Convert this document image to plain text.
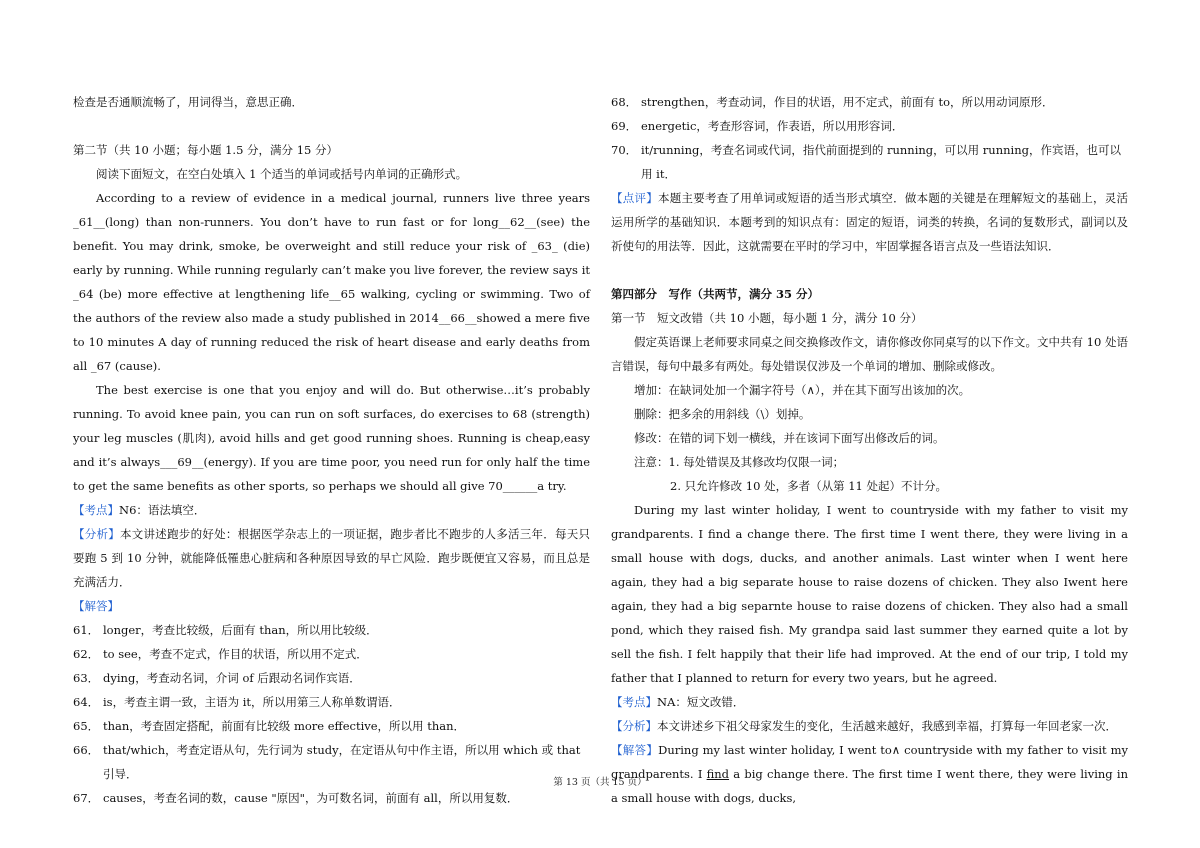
检查是否通顺流畅了，用词得当，意思正确．

第二节（共 10 小题；每小题 1.5 分，满分 15 分）

阅读下面短文，在空白处填入 1 个适当的单词或括号内单词的正确形式。

According to a review of evidence in a medical journal, runners live three years _61__(long) than non-runners. You don’t have to run fast or for long__62__(see) the benefit. You may drink, smoke, be overweight and still reduce your risk of _63_ (die) early by running. While running regularly can’t make you live forever, the review says it _64 (be) more effective at lengthening life__65 walking, cycling or swimming. Two of the authors of the review also made a study published in 2014__66__showed a mere five to 10 minutes A day of running reduced the risk of heart disease and early deaths from all _67 (cause).

The best exercise is one that you enjoy and will do. But otherwise…it’s probably running. To avoid knee pain, you can run on soft surfaces, do exercises to 68 (strength) your leg muscles (肌肉), avoid hills and get good running shoes. Running is cheap,easy and it’s always___69__(energy). If you are time poor, you need run for only half the time to get the same benefits as other sports, so perhaps we should all give 70______a try.

【考点】N6：语法填空．

【分析】本文讲述跑步的好处：根据医学杂志上的一项证据，跑步者比不跑步的人多活三年．每天只要跑 5 到 10 分钟，就能降低罹患心脏病和各种原因导致的早亡风险．跑步既便宜又容易，而且总是充满活力．

【解答】

61． longer，考查比较级，后面有 than，所以用比较级．

62． to see，考查不定式，作目的状语，所以用不定式．

63． dying，考查动名词，介词 of 后跟动名词作宾语．

64． is，考查主谓一致，主语为 it，所以用第三人称单数谓语．

65． than，考查固定搭配，前面有比较级 more effective，所以用 than．

66． that/which，考查定语从句，先行词为 study，在定语从句中作主语，所以用 which 或 that 引导．

67． causes，考查名词的数，cause "原因"，为可数名词，前面有 all，所以用复数．

68． strengthen，考查动词，作目的状语，用不定式，前面有 to，所以用动词原形．

69． energetic，考查形容词，作表语，所以用形容词．

70． it/running，考查名词或代词，指代前面提到的 running，可以用 running，作宾语，也可以用 it．

【点评】本题主要考查了用单词或短语的适当形式填空．做本题的关键是在理解短文的基础上，灵活运用所学的基础知识．本题考到的知识点有：固定的短语，词类的转换，名词的复数形式，副词以及祈使句的用法等．因此，这就需要在平时的学习中，牢固掌握各语言点及一些语法知识．

第四部分　写作（共两节，满分 35 分）

第一节　短文改错（共 10 小题，每小题 1 分，满分 10 分）

假定英语课上老师要求同桌之间交换修改作文，请你修改你同桌写的以下作文。文中共有 10 处语言错误，每句中最多有两处。每处错误仅涉及一个单词的增加、删除或修改。

增加：在缺词处加一个漏字符号（∧），并在其下面写出该加的次。

删除：把多余的用斜线（\）划掉。

修改：在错的词下划一横线，并在该词下面写出修改后的词。

注意：1. 每处错误及其修改均仅限一词；

2. 只允许修改 10 处，多者（从第 11 处起）不计分。

During my last winter holiday, I went to countryside with my father to visit my grandparents. I find a change there. The first time I went there, they were living in a small house with dogs, ducks, and another animals. Last winter when I went here again, they had a big separate house to raise dozens of chicken. They also Iwent here again, they had a big separnte house to raise dozens of chicken. They also had a small pond, which they raised fish. My grandpa said last summer they earned quite a lot by sell the fish. I felt happily that their life had improved. At the end of our trip, I told my father that I planned to return for every two years, but he agreed.

【考点】NA：短文改错．

【分析】本文讲述乡下祖父母家发生的变化，生活越来越好，我感到幸福，打算每一年回老家一次．

【解答】During my last winter holiday, I went to∧ countryside with my father to visit my grandparents. I find a big change there. The first time I went there, they were living in a small house with dogs, ducks,

第 13 页（共 15 页）
